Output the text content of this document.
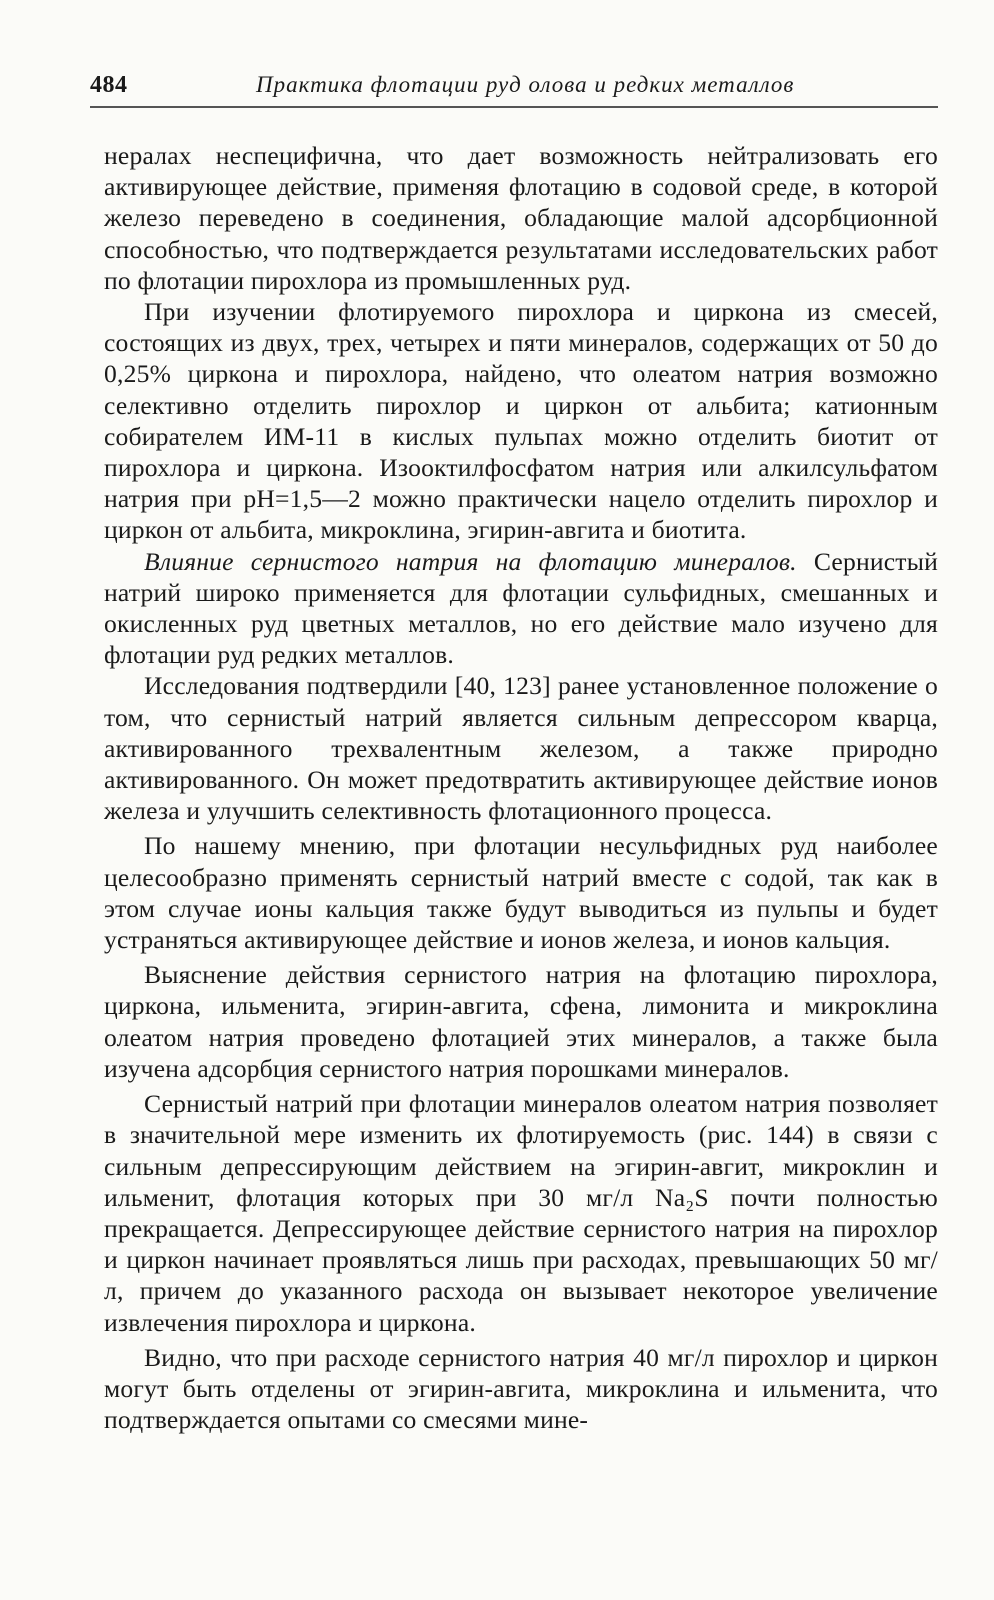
484	Практика флотации руд олова и редких металлов

нералах неспецифична, что дает возможность нейтрализовать его активирующее действие, применяя флотацию в содовой среде, в которой железо переведено в соединения, обладающие малой адсорбционной способностью, что подтверждается результатами исследовательских работ по флотации пирохлора из промышленных руд.

При изучении флотируемого пирохлора и циркона из смесей, состоящих из двух, трех, четырех и пяти минералов, содержащих от 50 до 0,25% циркона и пирохлора, найдено, что олеатом натрия возможно селективно отделить пирохлор и циркон от альбита; катионным собирателем ИМ-11 в кислых пульпах можно отделить биотит от пирохлора и циркона. Изооктилфосфатом натрия или алкилсульфатом натрия при pH=1,5—2 можно практически нацело отделить пирохлор и циркон от альбита, микроклина, эгирин-авгита и биотита.

Влияние сернистого натрия на флотацию минералов. Сернистый натрий широко применяется для флотации сульфидных, смешанных и окисленных руд цветных металлов, но его действие мало изучено для флотации руд редких металлов.

Исследования подтвердили [40, 123] ранее установленное положение о том, что сернистый натрий является сильным депрессором кварца, активированного трехвалентным железом, а также природно активированного. Он может предотвратить активирующее действие ионов железа и улучшить селективность флотационного процесса.

По нашему мнению, при флотации несульфидных руд наиболее целесообразно применять сернистый натрий вместе с содой, так как в этом случае ионы кальция также будут выводиться из пульпы и будет устраняться активирующее действие и ионов железа, и ионов кальция.

Выяснение действия сернистого натрия на флотацию пирохлора, циркона, ильменита, эгирин-авгита, сфена, лимонита и микроклина олеатом натрия проведено флотацией этих минералов, а также была изучена адсорбция сернистого натрия порошками минералов.

Сернистый натрий при флотации минералов олеатом натрия позволяет в значительной мере изменить их флотируемость (рис. 144) в связи с сильным депрессирующим действием на эгирин-авгит, микроклин и ильменит, флотация которых при 30 мг/л Na₂S почти полностью прекращается. Депрессирующее действие сернистого натрия на пирохлор и циркон начинает проявляться лишь при расходах, превышающих 50 мг/л, причем до указанного расхода он вызывает некоторое увеличение извлечения пирохлора и циркона.

Видно, что при расходе сернистого натрия 40 мг/л пирохлор и циркон могут быть отделены от эгирин-авгита, микроклина и ильменита, что подтверждается опытами со смесями мине-
